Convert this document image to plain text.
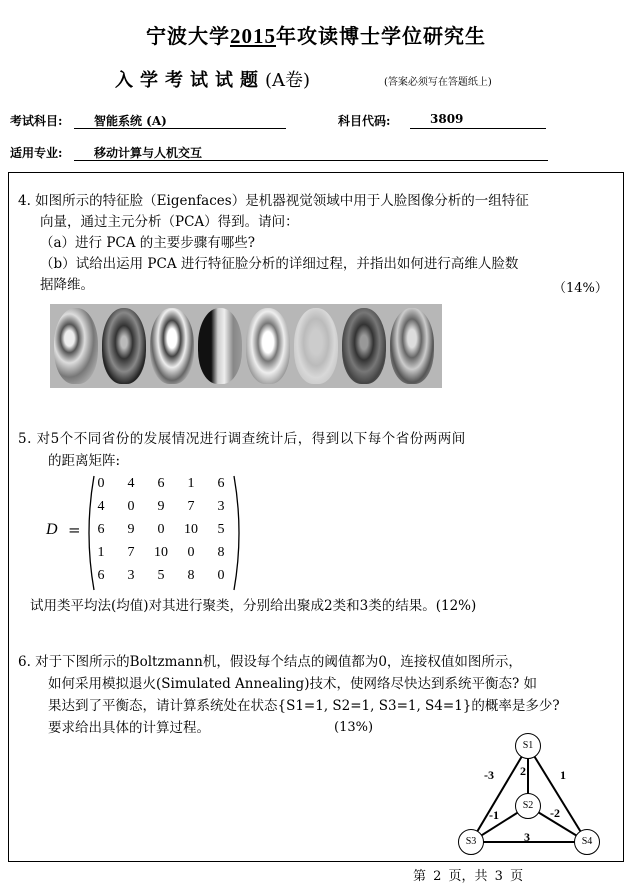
宁波大学2015年攻读博士学位研究生
入学考试试题(A卷)	(答案必须写在答题纸上)
考试科目:	智能系统 (A)	科目代码:	3809
适用专业:	移动计算与人机交互
4. 如图所示的特征脸（Eigenfaces）是机器视觉领域中用于人脸图像分析的一组特征
向量，通过主元分析（PCA）得到。请问：
（a）进行 PCA 的主要步骤有哪些?
（b）试给出运用 PCA 进行特征脸分析的详细过程，并指出如何进行高维人脸数
据降维。	（14%）
5. 对5个不同省份的发展情况进行调查统计后，得到以下每个省份两两间
的距离矩阵:
D =
0	4	6	1	6
4	0	9	7	3
6	9	0	10	5
1	7	10	0	8
6	3	5	8	0
试用类平均法(均值)对其进行聚类，分别给出聚成2类和3类的结果。(12%)
6. 对于下图所示的Boltzmann机，假设每个结点的阈值都为0，连接权值如图所示，
如何采用模拟退火(Simulated Annealing)技术，使网络尽快达到系统平衡态? 如
果达到了平衡态，请计算系统处在状态{S1=1, S2=1, S3=1, S4=1}的概率是多少?
要求给出具体的计算过程。	(13%)
S1
S2
S3	S4
-3 2	1
-1	-2
3
第 2 页，共 3 页
